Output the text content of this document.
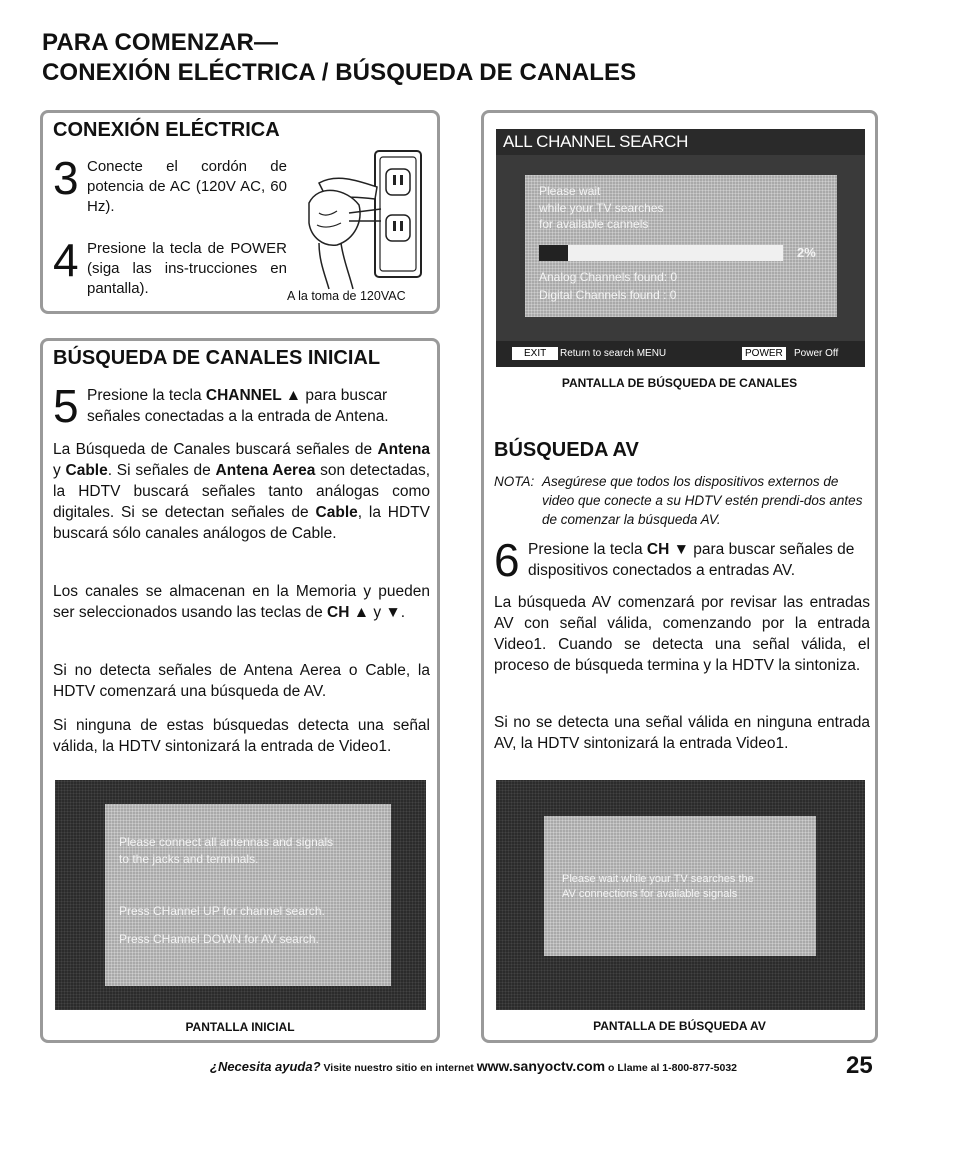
PARA COMENZAR—
CONEXIÓN ELÉCTRICA / BÚSQUEDA DE CANALES
CONEXIÓN ELÉCTRICA
3 Conecte el cordón de potencia de AC (120V AC, 60 Hz).

4 Presione la tecla de POWER (siga las ins-trucciones en pantalla).	A la toma de 120VAC
BÚSQUEDA DE CANALES INICIAL
5 Presione la tecla CHANNEL ▲ para buscar señales conectadas a la entrada de Antena.

La Búsqueda de Canales buscará señales de Antena y Cable. Si señales de Antena Aerea son detectadas, la HDTV buscará señales tanto análogas como digitales. Si se detectan señales de Cable, la HDTV buscará sólo canales análogos de Cable.

Los canales se almacenan en la Memoria y pueden ser seleccionados usando las teclas de CH ▲ y ▼.

Si no detecta señales de Antena Aerea o Cable, la HDTV comenzará una búsqueda de AV.

Si ninguna de estas búsquedas detecta una señal válida, la HDTV sintonizará la entrada de Video1.

Please connect all antennas and signals
to the jacks and terminals.
Press CHannel UP for channel search.
Press CHannel DOWN for AV search.
PANTALLA INICIAL
ALL CHANNEL SEARCH
Please wait
while your TV searches
for available cannels
2%
Analog Channels found: 0
Digital Channels found : 0
EXIT	Return to search MENU	POWER	Power Off
PANTALLA DE BÚSQUEDA DE CANALES
BÚSQUEDA AV
NOTA: Asegúrese que todos los dispositivos externos de video que conecte a su HDTV estén prendi-dos antes de comenzar la búsqueda AV.
6 Presione la tecla CH ▼ para buscar señales de dispositivos conectados a entradas AV.

La búsqueda AV comenzará por revisar las entradas AV con señal válida, comenzando por la entrada Video1. Cuando se detecta una señal válida, el proceso de búsqueda termina y la HDTV la sintoniza.

Si no se detecta una señal válida en ninguna entrada AV, la HDTV sintonizará la entrada Video1.

Please wait while your TV searches the
AV connections for available signals
PANTALLA DE BÚSQUEDA AV
¿Necesita ayuda? Visite nuestro sitio en internet www.sanyoctv.com o Llame al 1-800-877-5032	25
